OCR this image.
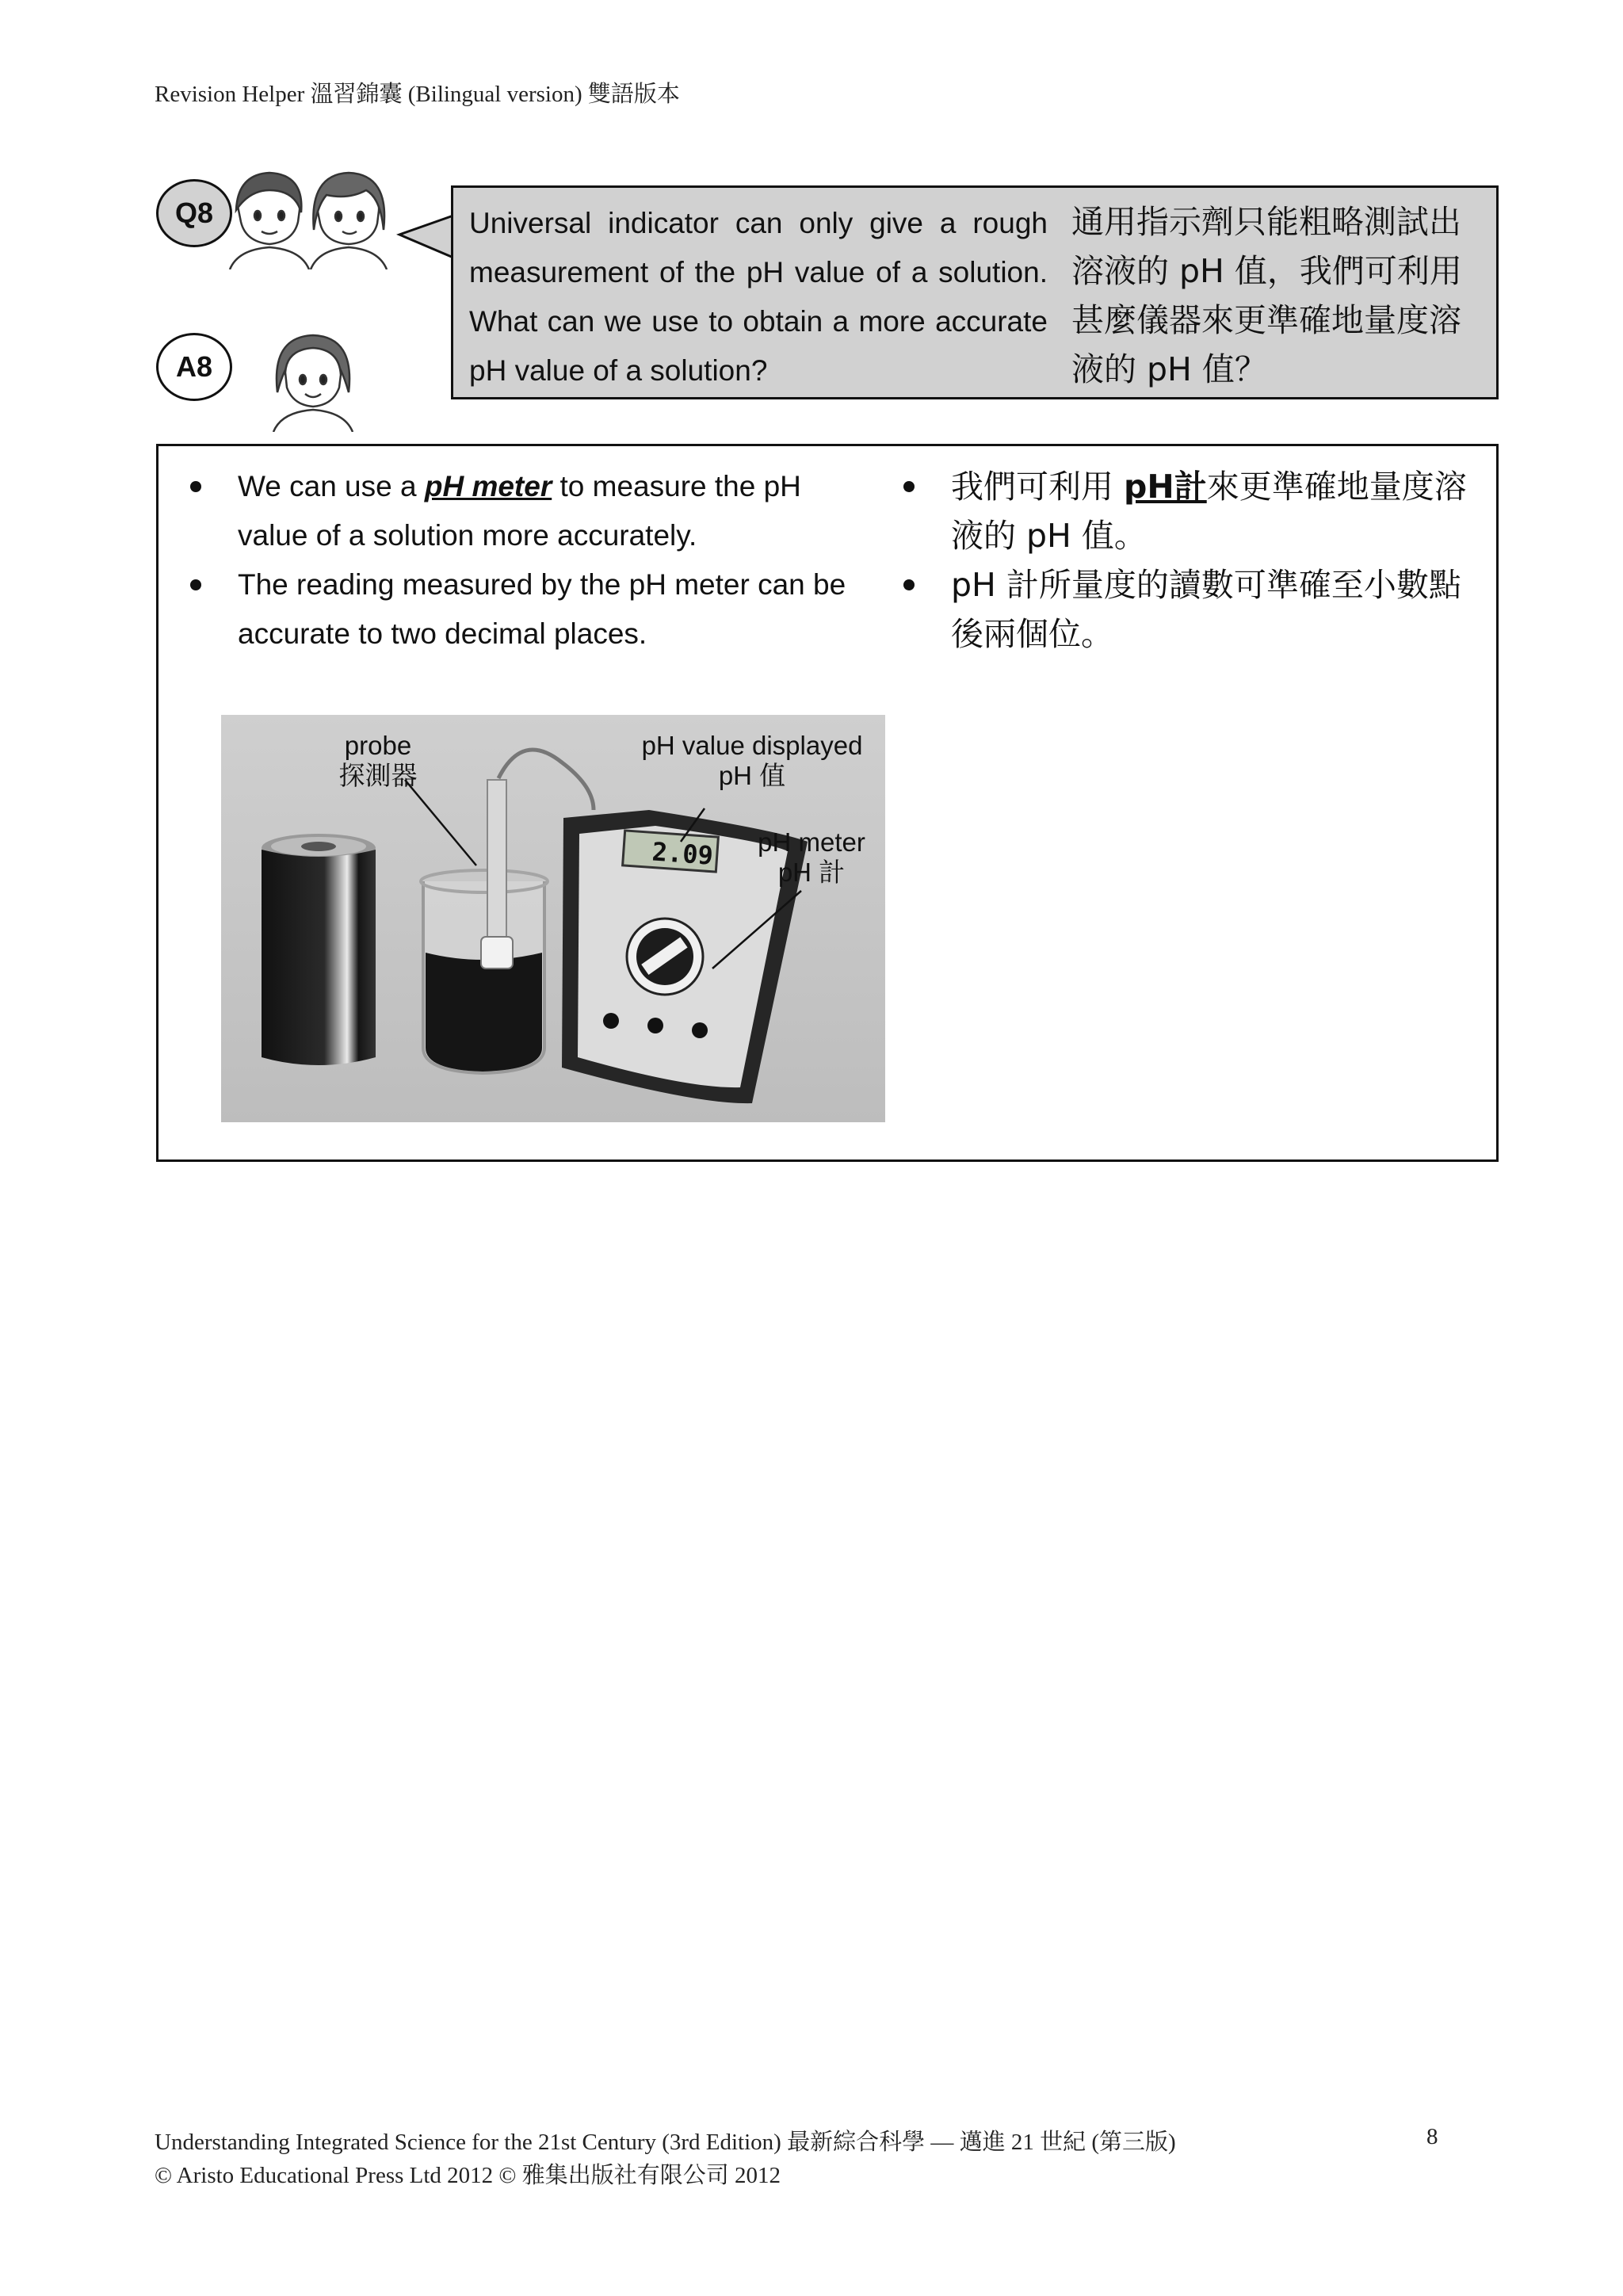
Revision Helper 溫習錦囊 (Bilingual version) 雙語版本
Q8	Universal indicator can only give a rough measurement of the pH value of a solution. What can we use to obtain a more accurate pH value of a solution?
通用指示劑只能粗略測試出溶液的 pH 值，我們可利用甚麼儀器來更準確地量度溶液的 pH 值？
A8
We can use a pH meter to measure the pH value of a solution more accurately.
The reading measured by the pH meter can be accurate to two decimal places.
我們可利用 pH計來更準確地量度溶液的 pH 值。
pH 計所量度的讀數可準確至小數點後兩個位。
2.09
probe
探測器
pH value displayed
pH 值
pH meter
pH 計
Understanding Integrated Science for the 21st Century (3rd Edition) 最新綜合科學 — 邁進 21 世紀 (第三版)	8
© Aristo Educational Press Ltd 2012 © 雅集出版社有限公司 2012
